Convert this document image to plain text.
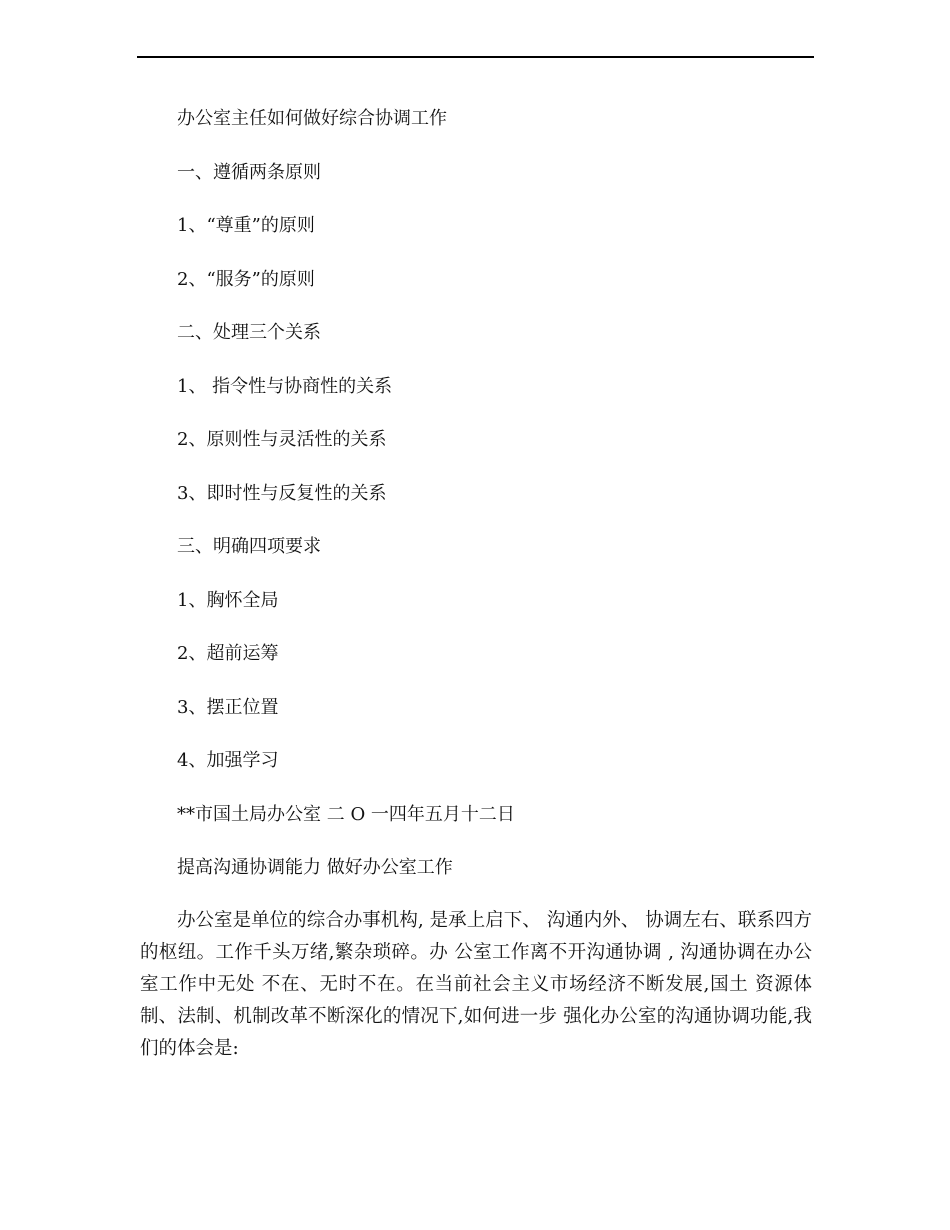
办公室主任如何做好综合协调工作

一、遵循两条原则

1、“尊重”的原则

2、“服务”的原则

二、处理三个关系

1、 指令性与协商性的关系

2、原则性与灵活性的关系

3、即时性与反复性的关系

三、明确四项要求

1、胸怀全局

2、超前运筹

3、摆正位置

4、加强学习

**市国土局办公室 二 O 一四年五月十二日

提高沟通协调能力 做好办公室工作

办公室是单位的综合办事机构, 是承上启下、 沟通内外、 协调左右、联系四方的枢纽。工作千头万绪,繁杂琐碎。办 公室工作离不开沟通协调 , 沟通协调在办公室工作中无处 不在、无时不在。在当前社会主义市场经济不断发展,国土 资源体制、法制、机制改革不断深化的情况下,如何进一步 强化办公室的沟通协调功能,我们的体会是:
